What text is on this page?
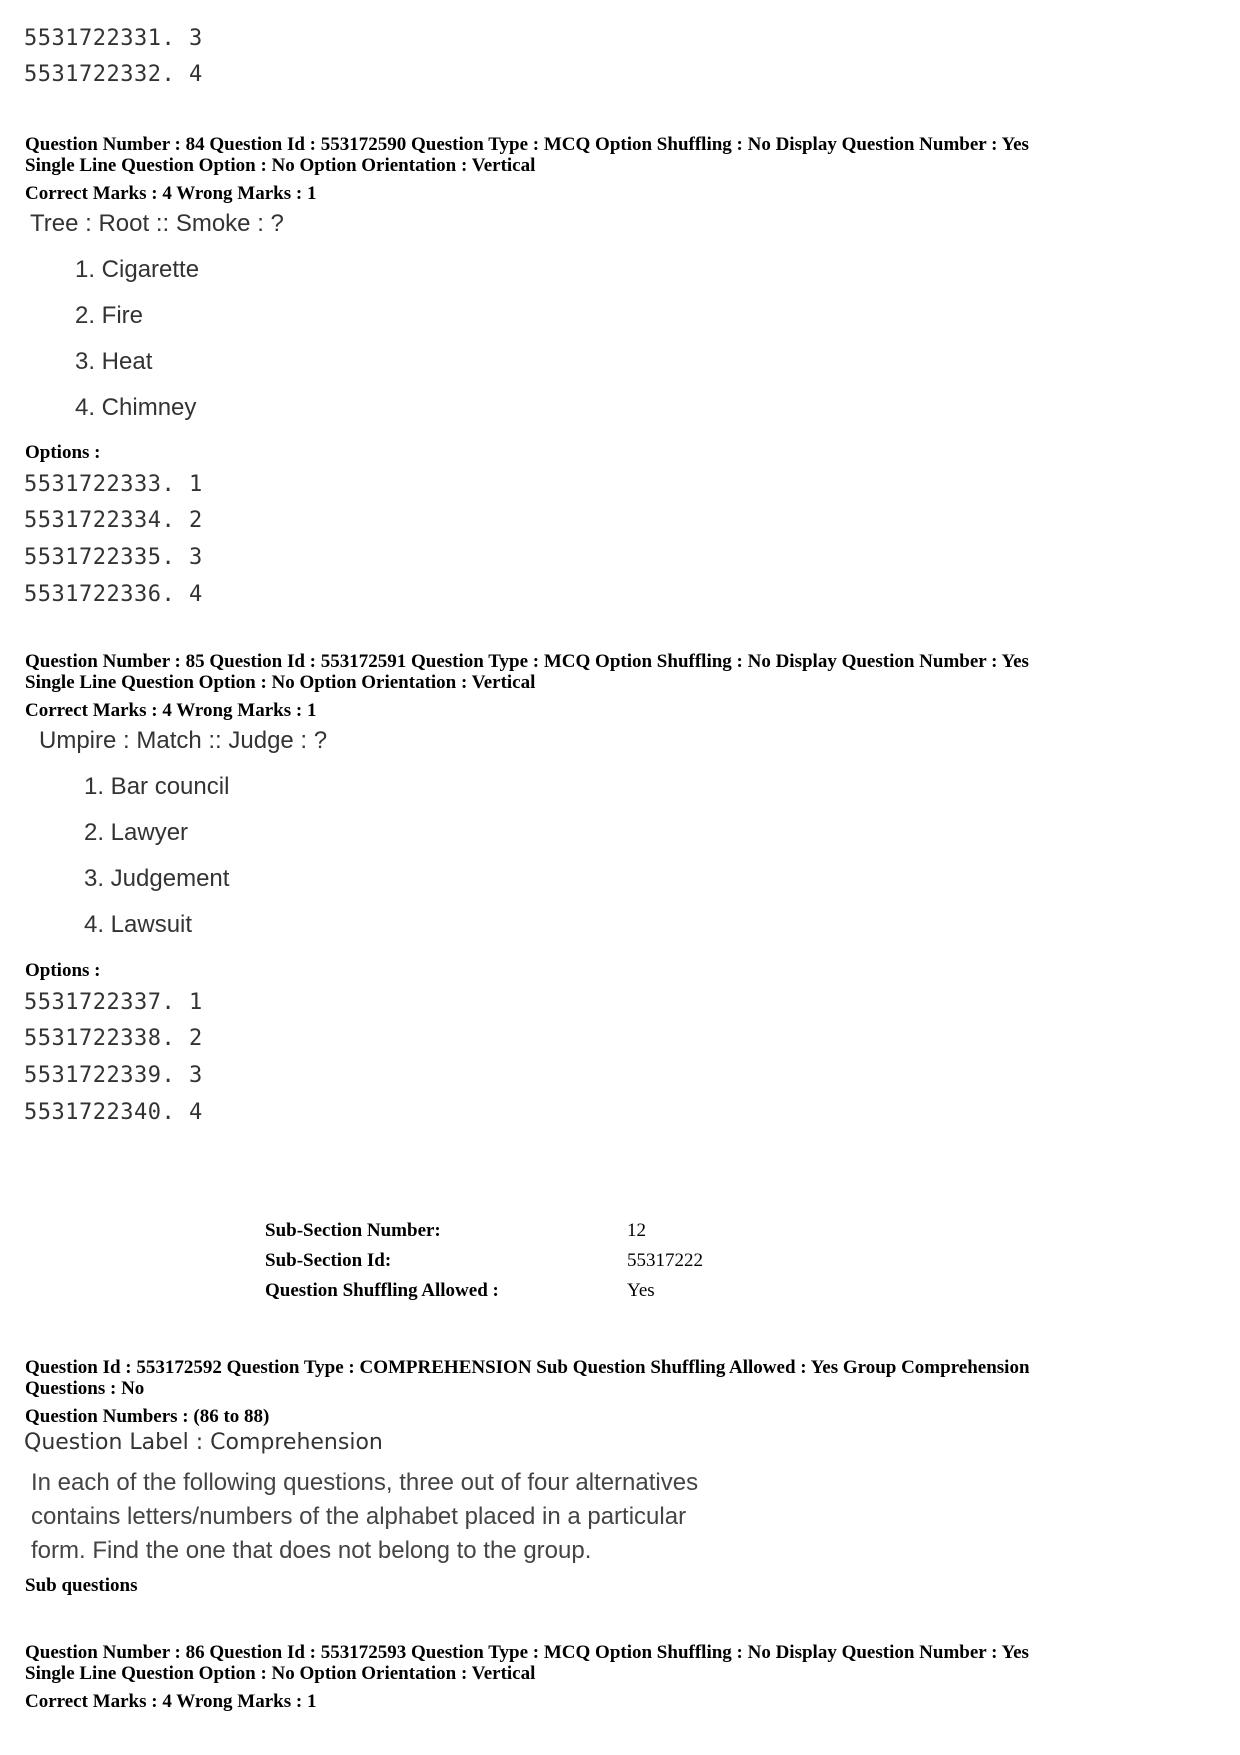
5531722331. 3
5531722332. 4
Question Number : 84 Question Id : 553172590 Question Type : MCQ Option Shuffling : No Display Question Number : Yes
Single Line Question Option : No Option Orientation : Vertical
Correct Marks : 4 Wrong Marks : 1
Tree : Root :: Smoke : ?
1. Cigarette
2. Fire
3. Heat
4. Chimney
Options :
5531722333. 1
5531722334. 2
5531722335. 3
5531722336. 4
Question Number : 85 Question Id : 553172591 Question Type : MCQ Option Shuffling : No Display Question Number : Yes
Single Line Question Option : No Option Orientation : Vertical
Correct Marks : 4 Wrong Marks : 1
Umpire : Match :: Judge : ?
1. Bar council
2. Lawyer
3. Judgement
4. Lawsuit
Options :
5531722337. 1
5531722338. 2
5531722339. 3
5531722340. 4
Sub-Section Number:	12
Sub-Section Id:	55317222
Question Shuffling Allowed :	Yes
Question Id : 553172592 Question Type : COMPREHENSION Sub Question Shuffling Allowed : Yes Group Comprehension
Questions : No
Question Numbers : (86 to 88)
Question Label : Comprehension
In each of the following questions, three out of four alternatives
contains letters/numbers of the alphabet placed in a particular
form. Find the one that does not belong to the group.
Sub questions
Question Number : 86 Question Id : 553172593 Question Type : MCQ Option Shuffling : No Display Question Number : Yes
Single Line Question Option : No Option Orientation : Vertical
Correct Marks : 4 Wrong Marks : 1
